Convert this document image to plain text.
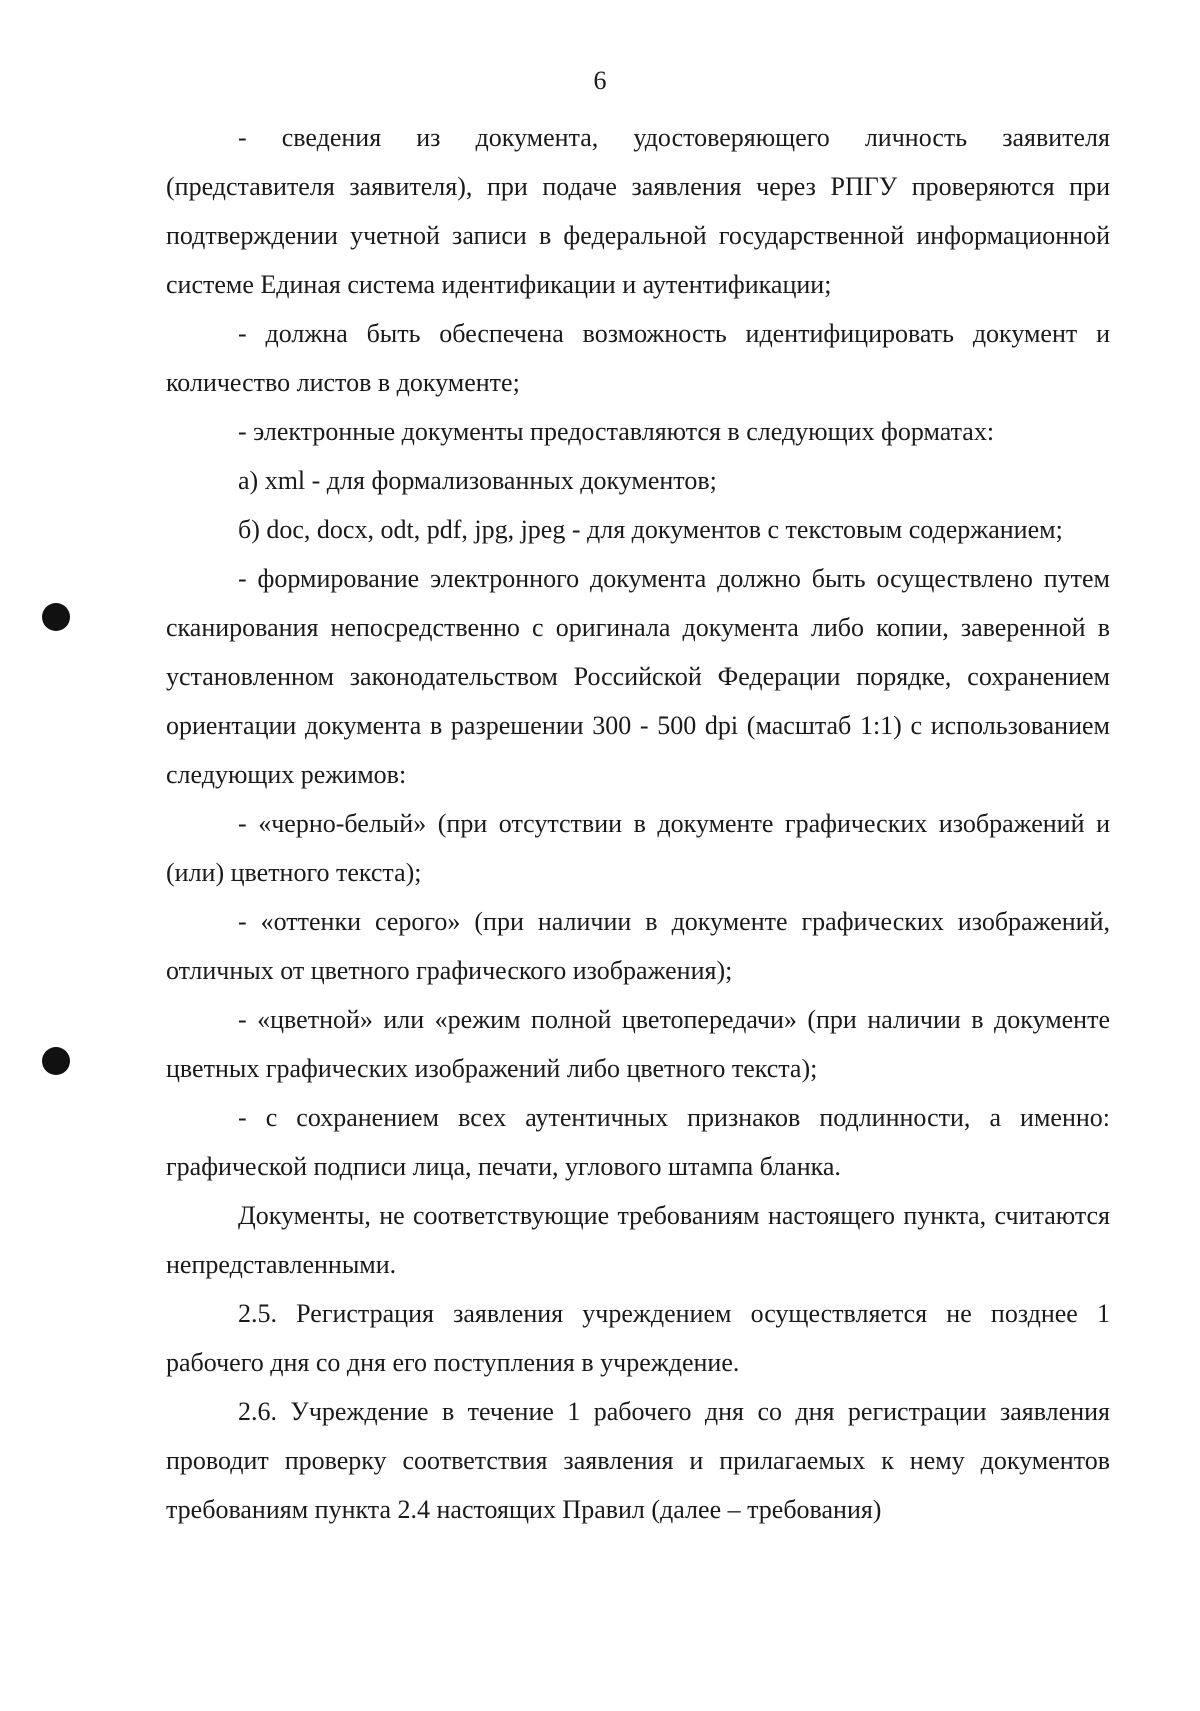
6

- сведения из документа, удостоверяющего личность заявителя (представителя заявителя), при подаче заявления через РПГУ проверяются при подтверждении учетной записи в федеральной государственной информационной системе Единая система идентификации и аутентификации;

- должна быть обеспечена возможность идентифицировать документ и количество листов в документе;

- электронные документы предоставляются в следующих форматах:

а) xml - для формализованных документов;

б) doc, docx, odt, pdf, jpg, jpeg - для документов с текстовым содержанием;

- формирование электронного документа должно быть осуществлено путем сканирования непосредственно с оригинала документа либо копии, заверенной в установленном законодательством Российской Федерации порядке, сохранением ориентации документа в разрешении 300 - 500 dpi (масштаб 1:1) с использованием следующих режимов:

- «черно-белый» (при отсутствии в документе графических изображений и (или) цветного текста);

- «оттенки серого» (при наличии в документе графических изображений, отличных от цветного графического изображения);

- «цветной» или «режим полной цветопередачи» (при наличии в документе цветных графических изображений либо цветного текста);

- с сохранением всех аутентичных признаков подлинности, а именно: графической подписи лица, печати, углового штампа бланка.

Документы, не соответствующие требованиям настоящего пункта, считаются непредставленными.

2.5. Регистрация заявления учреждением осуществляется не позднее 1 рабочего дня со дня его поступления в учреждение.

2.6. Учреждение в течение 1 рабочего дня со дня регистрации заявления проводит проверку соответствия заявления и прилагаемых к нему документов требованиям пункта 2.4 настоящих Правил (далее – требования)
